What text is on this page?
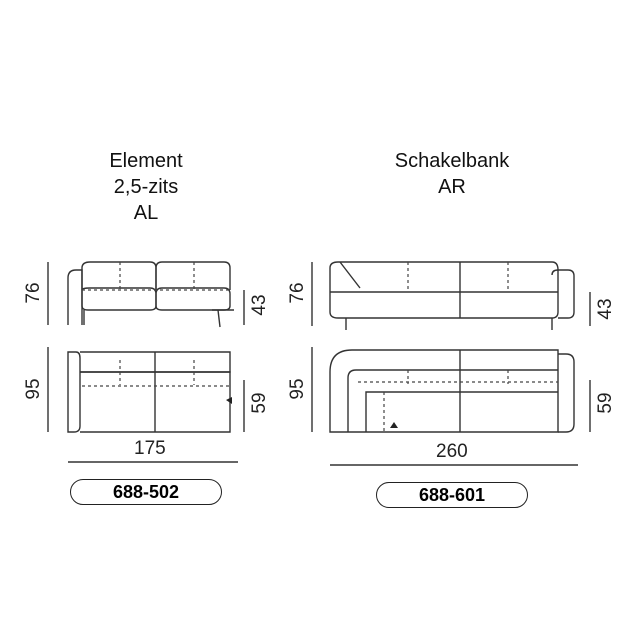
Element
2,5-zits
AL
Schakelbank
AR
76
43
95
59
175
76
43
95
59
260
688-502	688-601
